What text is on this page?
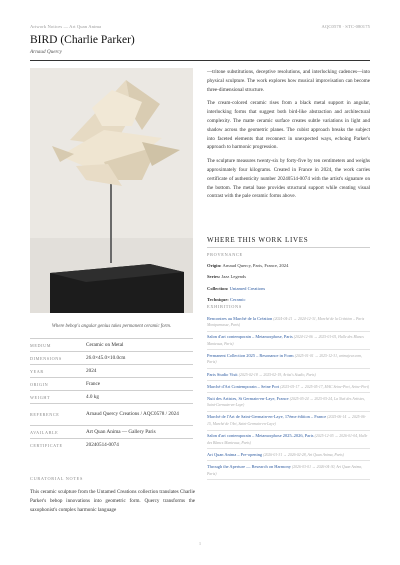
Artwork Notices — Art Quan Anima	AQC0578 · STC-080175
BIRD (Charlie Parker)
Arnaud Quercy
Where bebop's angular genius takes permanent ceramic form.
MEDIUM	Ceramic on Metal
DIMENSIONS	26.0×45.0×10.0cm
YEAR	2024
ORIGIN	France
WEIGHT	4.0 kg
REFERENCE	Arnaud Quercy Creations / AQC0578 / 2024
AVAILABLE	Art Quan Anima — Gallery Paris
CERTIFICATE	20240514-0074
CURATORIAL NOTES
This ceramic sculpture from the Untamed Creations collection translates Charlie Parker's bebop innovations into geometric form. Quercy transforms the saxophonist's complex harmonic language

—tritone substitutions, deceptive resolutions, and interlocking cadences—into physical sculpture. The work explores how musical improvisation can become three-dimensional structure.

The cream-colored ceramic rises from a black metal support in angular, interlocking forms that suggest both bird-like abstraction and architectural complexity. The matte ceramic surface creates subtle variations in light and shadow across the geometric planes. The cubist approach breaks the subject into faceted elements that reconnect in unexpected ways, echoing Parker's approach to harmonic progression.

The sculpture measures twenty-six by forty-five by ten centimeters and weighs approximately four kilograms. Created in France in 2024, the work carries certificate of authenticity number 20240514-0074 with the artist's signature on the bottom. The metal base provides structural support while creating visual contrast with the pale ceramic forms above.

WHERE THIS WORK LIVES
PROVENANCE
Origin: Arnaud Quercy, Paris, France, 2024
Series: Jazz Legends
Collection: Untamed Creations
Technique: Ceramic
EXHIBITIONS
Rencontres au Marché de la Création (2024-04-21 → 2024-12-31, Marché de la Création – Paris Montparnasse, Paris)
Salon d'art contemporain – Metamorphose, Paris (2024-12-06 → 2025-01-05, Halle des Blancs Manteaux, Paris)
Permanent Collection 2025 – Resonance in Form (2025-01-01 → 2025-12-31, artmajeur.com, Paris)
Paris Studio Visit (2025-02-18 → 2025-02-19, Artist's Studio, Paris)
Marché d'Art Contemporain – Seine Port (2025-05-17 → 2025-05-17, MAC Seine-Port, Seine-Port)
Nuit des Artistes, St Germain-en-Laye, France (2025-05-24 → 2025-05-24, La Nuit des Artistes, Saint-Germain-en-Laye)
Marché de l'Art de Saint-Germain-en-Laye, 17ème édition – France (2025-06-14 → 2025-06-15, Marché de l'Art, Saint-Germain-en-Laye)
Salon d'art contemporain – Metamorphose 2025–2026, Paris (2025-12-05 → 2026-01-04, Halle des Blancs Manteaux, Paris)
Art Quan Anima – Pre-opening (2026-01-31 → 2026-02-28, Art Quan Anima, Paris)
Through the Aperture — Research on Harmony (2026-03-01 → 2026-04-30, Art Quan Anima, Paris)
1
